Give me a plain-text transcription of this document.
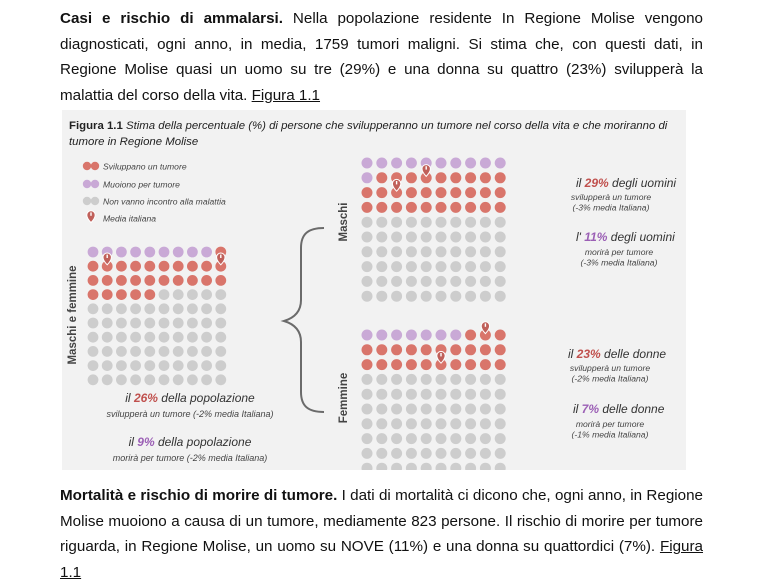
Casi e rischio di ammalarsi. Nella popolazione residente In Regione Molise vengono diagnosticati, ogni anno, in media, 1759 tumori maligni. Si stima che, con questi dati, in Regione Molise quasi un uomo su tre (29%) e una donna su quattro (23%) svilupperà la malattia del corso della vita. Figura 1.1
Figura 1.1 Stima della percentuale (%) di persone che svilupperanno un tumore nel corso della vita e che moriranno di tumore in Regione Molise
Sviluppano un tumore
Muoiono per tumore
Non vanno incontro alla malattia
Media italiana
Maschi e femmine
il 26% della popolazione
svilupperà un tumore (-2% media Italiana)
il 9% della popolazione
morirà per tumore (-2% media Italiana)
Maschi
il 29% degli uomini
svilupperà un tumore (-3% media Italiana)
l' 11% degli uomini
morirà per tumore (-3% media Italiana)
Femmine
il 23% delle donne
svilupperà un tumore (-2% media Italiana)
il 7% delle donne
morirà per tumore (-1% media Italiana)
Mortalità e rischio di morire di tumore. I dati di mortalità ci dicono che, ogni anno, in Regione Molise muoiono a causa di un tumore, mediamente 823 persone. Il rischio di morire per tumore riguarda, in Regione Molise, un uomo su NOVE (11%) e una donna su quattordici (7%). Figura 1.1
